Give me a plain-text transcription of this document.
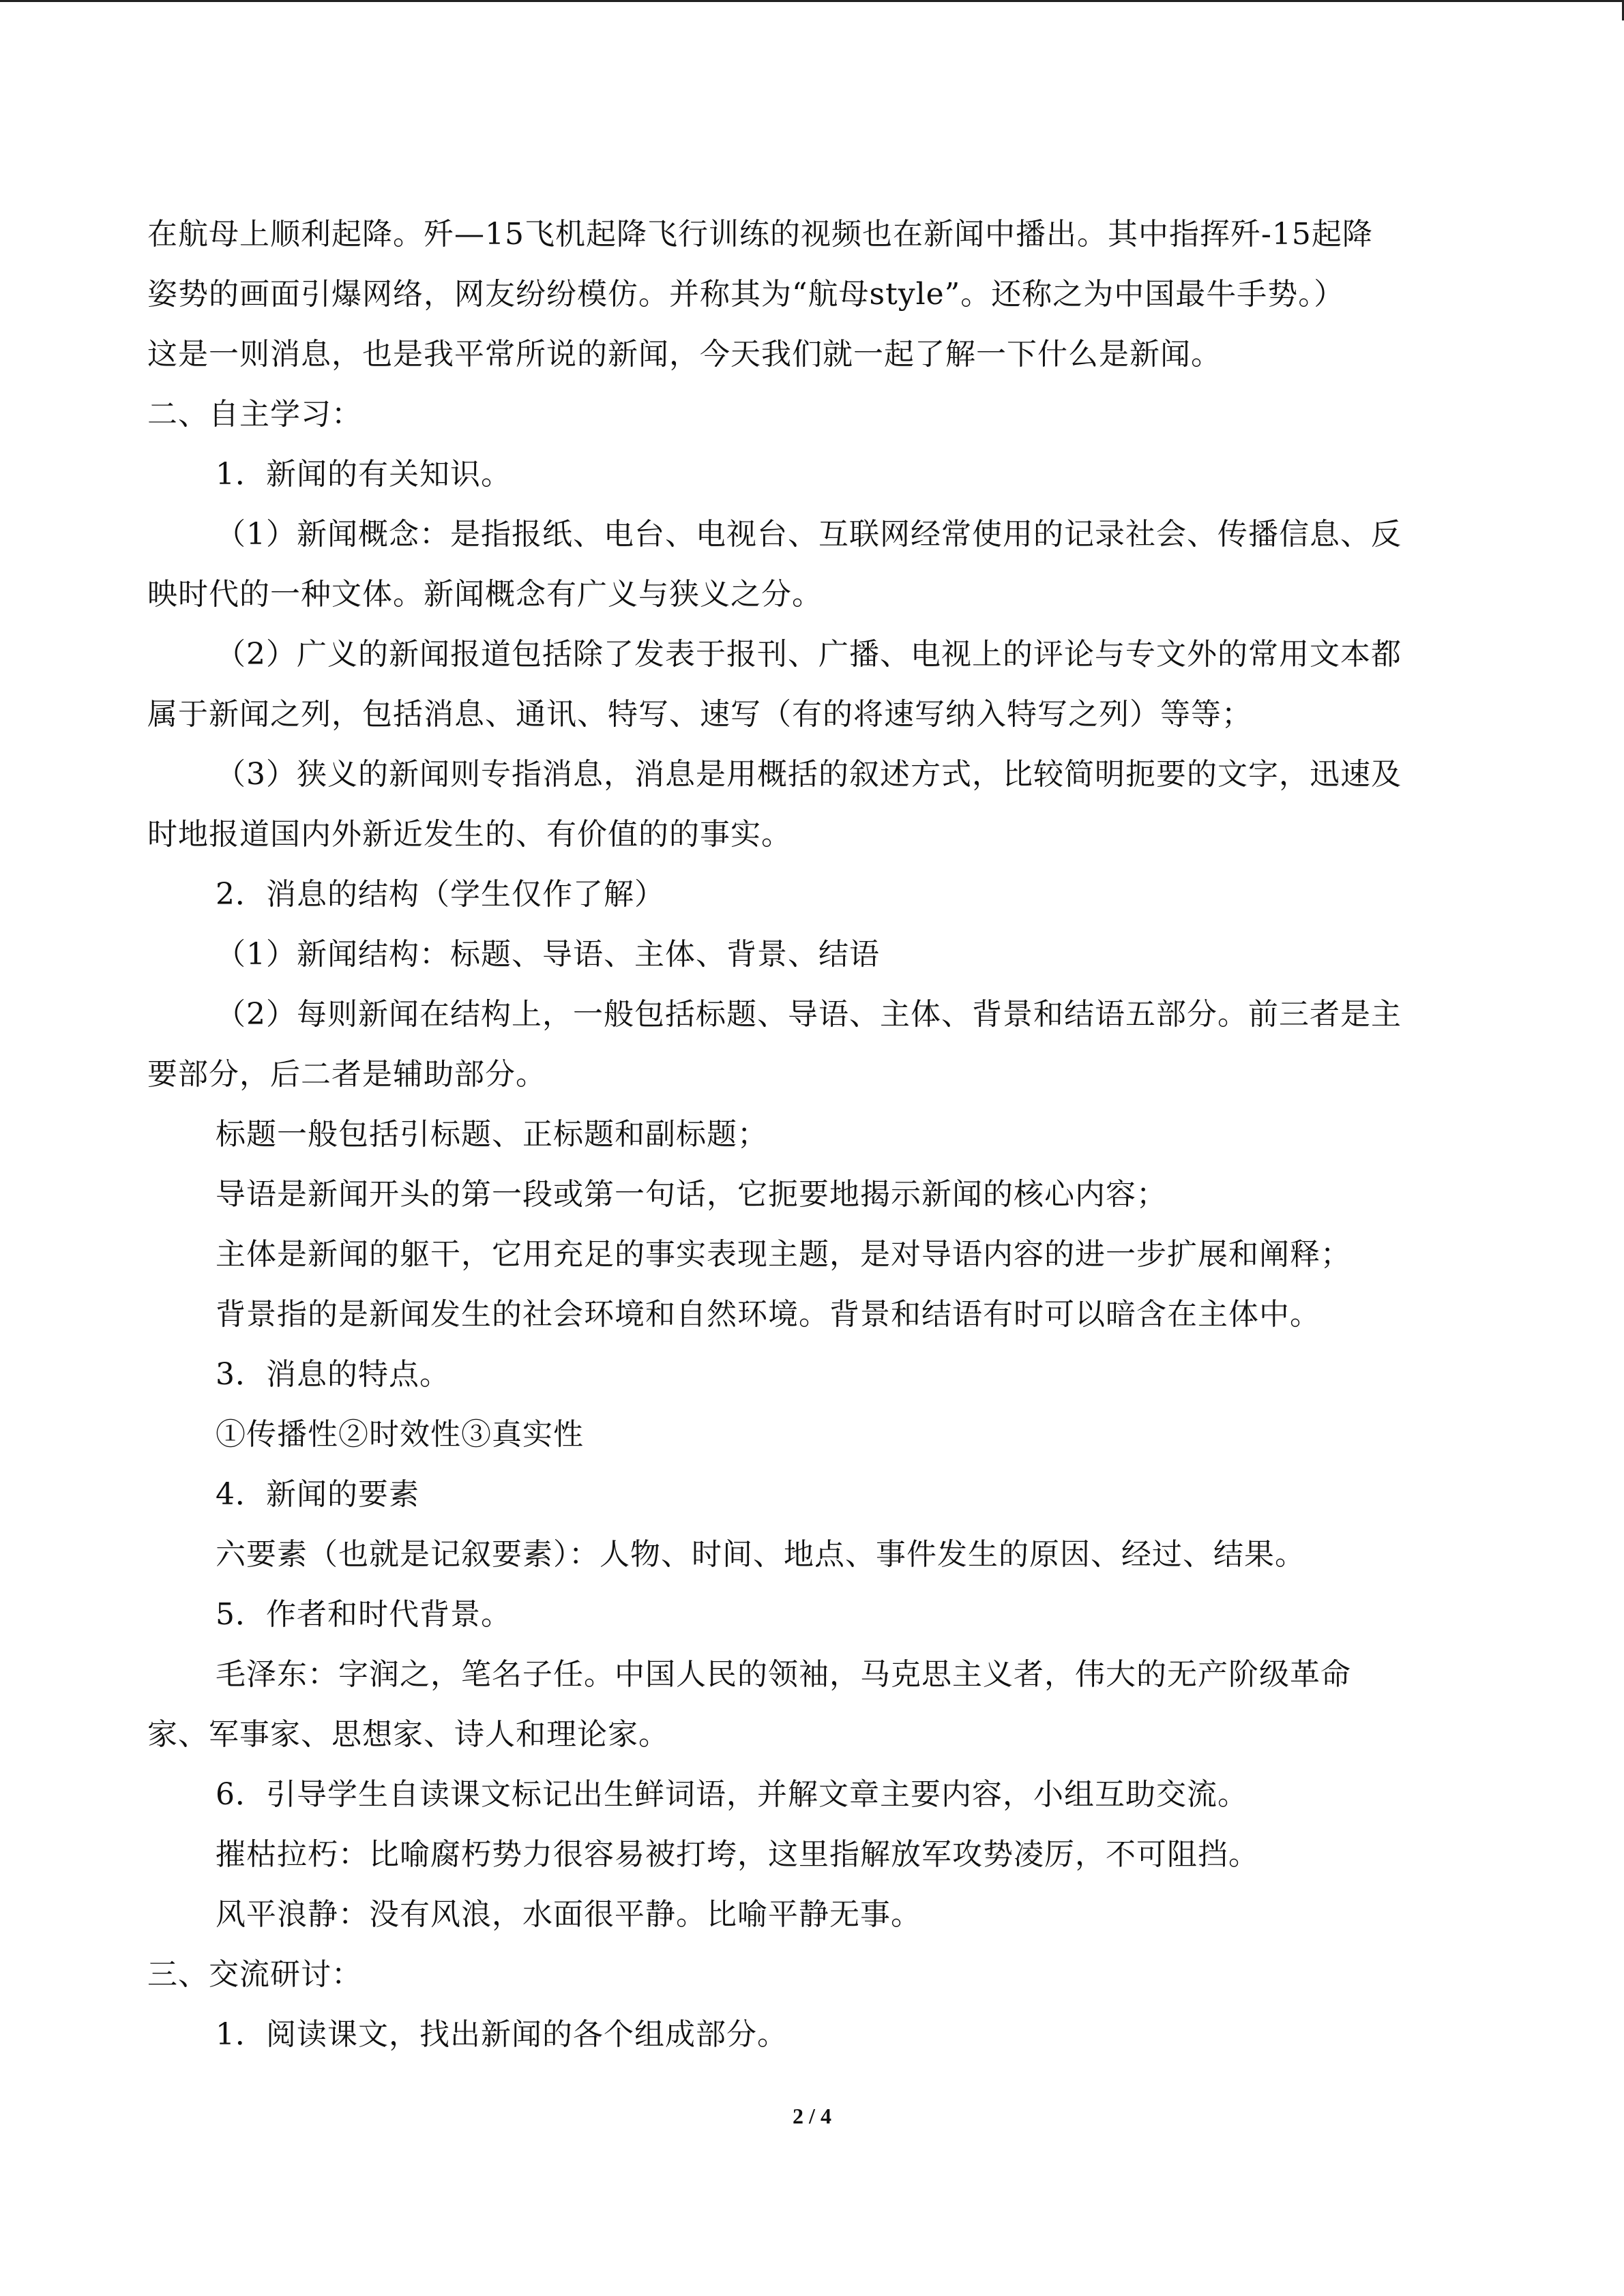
在航母上顺利起降。歼—15飞机起降飞行训练的视频也在新闻中播出。其中指挥歼-15起降
姿势的画面引爆网络，网友纷纷模仿。并称其为“航母style”。还称之为中国最牛手势。）
这是一则消息，也是我平常所说的新闻，今天我们就一起了解一下什么是新闻。
二、自主学习：
1．新闻的有关知识。
（1）新闻概念：是指报纸、电台、电视台、互联网经常使用的记录社会、传播信息、反
映时代的一种文体。新闻概念有广义与狭义之分。
（2）广义的新闻报道包括除了发表于报刊、广播、电视上的评论与专文外的常用文本都
属于新闻之列，包括消息、通讯、特写、速写（有的将速写纳入特写之列）等等；
（3）狭义的新闻则专指消息，消息是用概括的叙述方式，比较简明扼要的文字，迅速及
时地报道国内外新近发生的、有价值的的事实。
2．消息的结构（学生仅作了解）
（1）新闻结构：标题、导语、主体、背景、结语
（2）每则新闻在结构上，一般包括标题、导语、主体、背景和结语五部分。前三者是主
要部分，后二者是辅助部分。
标题一般包括引标题、正标题和副标题；
导语是新闻开头的第一段或第一句话，它扼要地揭示新闻的核心内容；
主体是新闻的躯干，它用充足的事实表现主题，是对导语内容的进一步扩展和阐释；
背景指的是新闻发生的社会环境和自然环境。背景和结语有时可以暗含在主体中。
3．消息的特点。
①传播性②时效性③真实性
4．新闻的要素
六要素（也就是记叙要素）：人物、时间、地点、事件发生的原因、经过、结果。
5．作者和时代背景。
毛泽东：字润之，笔名子任。中国人民的领袖，马克思主义者，伟大的无产阶级革命
家、军事家、思想家、诗人和理论家。
6．引导学生自读课文标记出生鲜词语，并解文章主要内容，小组互助交流。
摧枯拉朽：比喻腐朽势力很容易被打垮，这里指解放军攻势凌厉，不可阻挡。
风平浪静：没有风浪，水面很平静。比喻平静无事。
三、交流研讨：
1．阅读课文，找出新闻的各个组成部分。
2 / 4
